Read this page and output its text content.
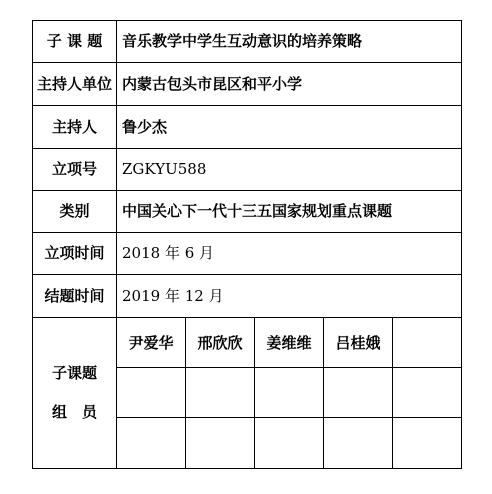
子 课 题	音乐教学中学生互动意识的培养策略				
主持人单位	内蒙古包头市昆区和平小学				
主持人	鲁少杰				
立项号	ZGKYU588				
类别	中国关心下一代十三五国家规划重点课题				
立项时间	2018 年 6 月				
结题时间	2019 年 12 月				

子课题
组　员	尹爱华	邢欣欣	姜维维	吕桂娥	
